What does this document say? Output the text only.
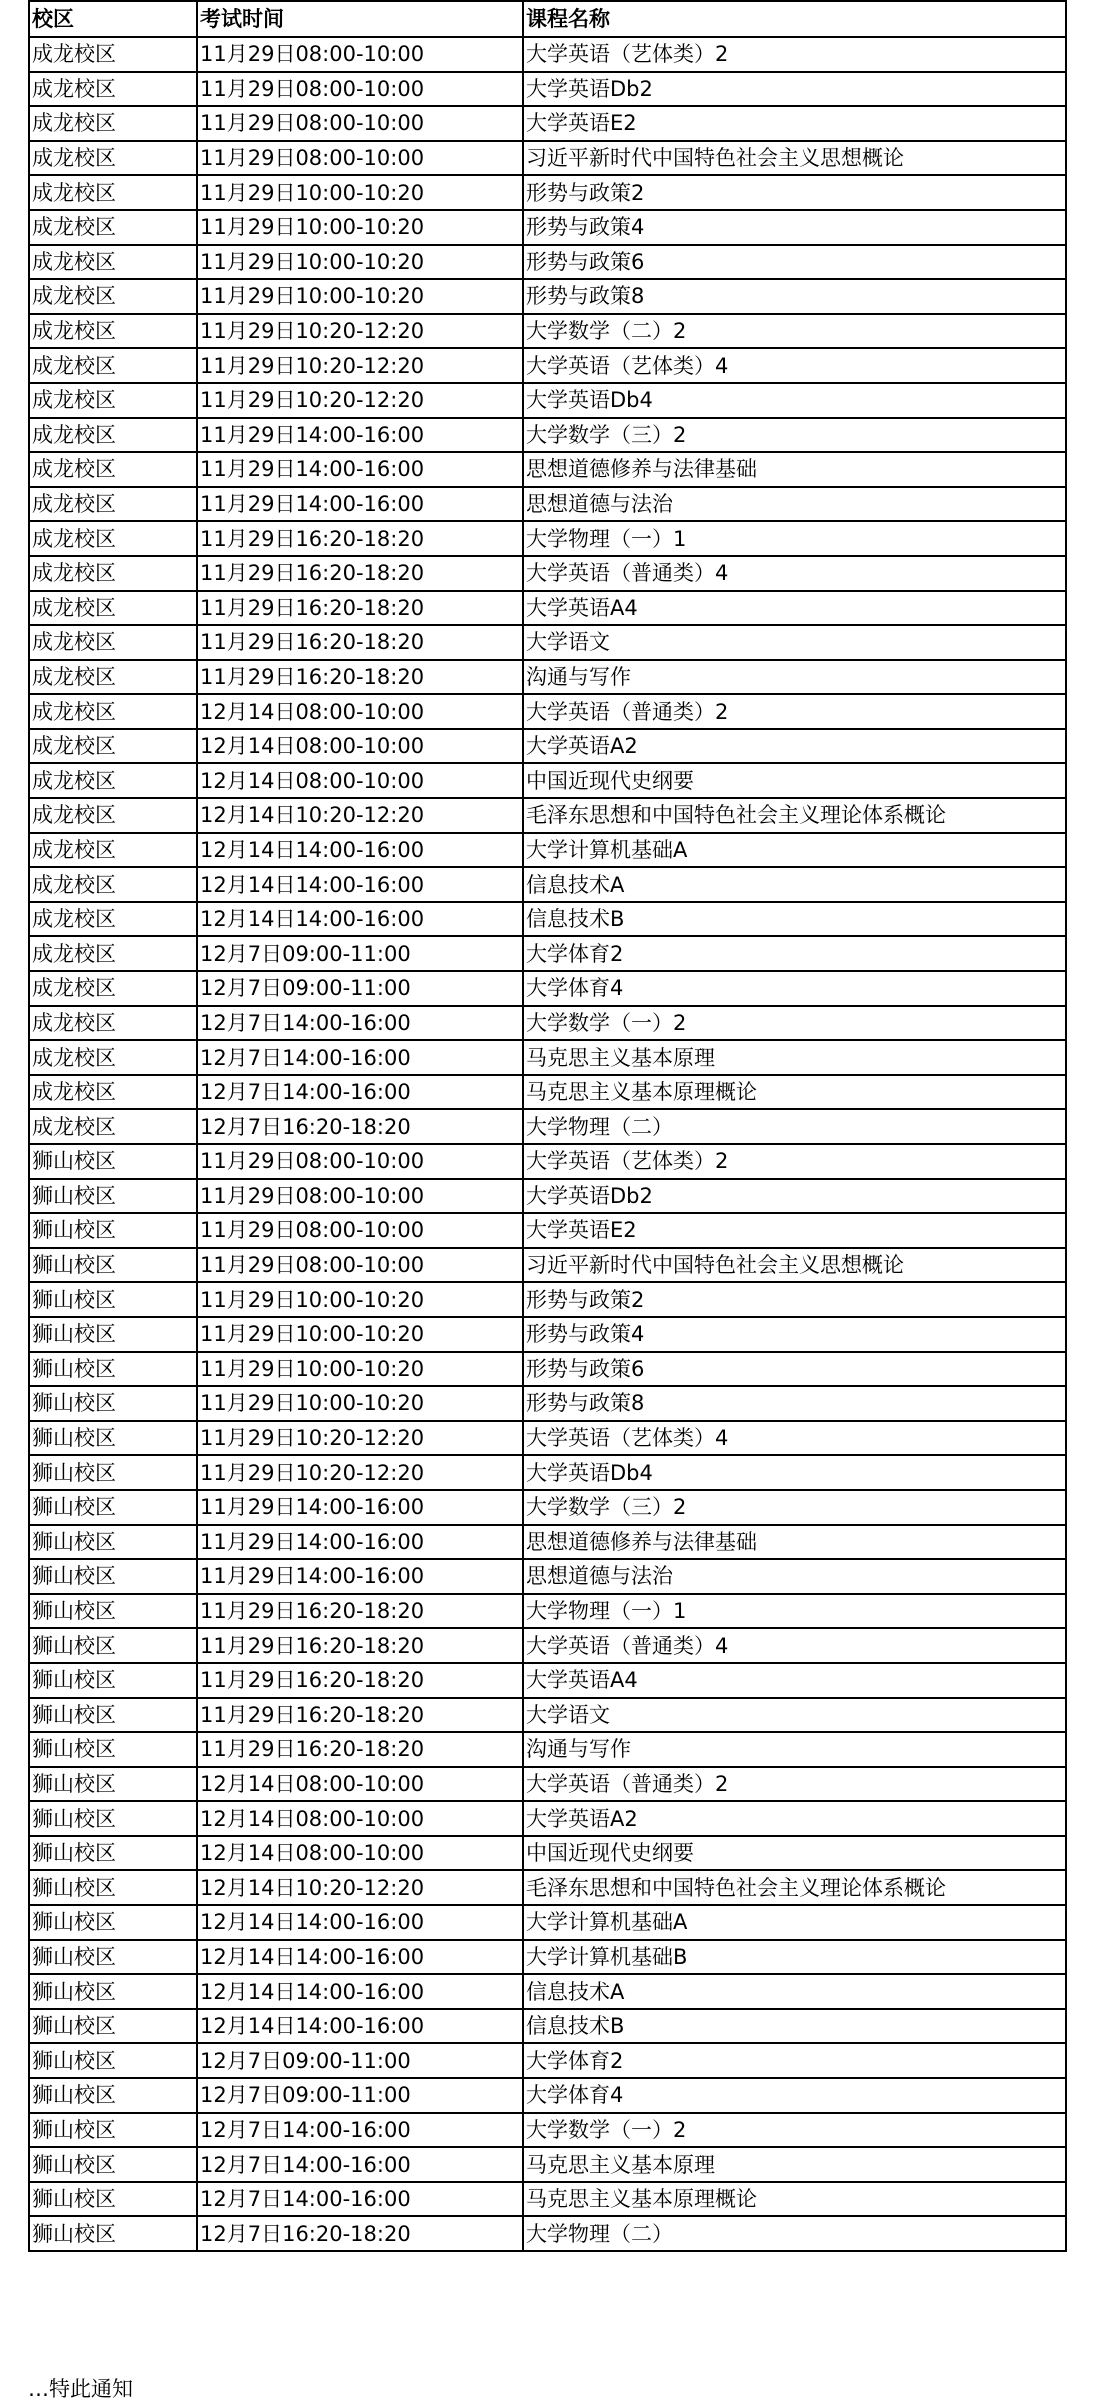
校区	考试时间	课程名称
成龙校区	11月29日08:00-10:00	大学英语（艺体类）2
成龙校区	11月29日08:00-10:00	大学英语Db2
成龙校区	11月29日08:00-10:00	大学英语E2
成龙校区	11月29日08:00-10:00	习近平新时代中国特色社会主义思想概论
成龙校区	11月29日10:00-10:20	形势与政策2
成龙校区	11月29日10:00-10:20	形势与政策4
成龙校区	11月29日10:00-10:20	形势与政策6
成龙校区	11月29日10:00-10:20	形势与政策8
成龙校区	11月29日10:20-12:20	大学数学（二）2
成龙校区	11月29日10:20-12:20	大学英语（艺体类）4
成龙校区	11月29日10:20-12:20	大学英语Db4
成龙校区	11月29日14:00-16:00	大学数学（三）2
成龙校区	11月29日14:00-16:00	思想道德修养与法律基础
成龙校区	11月29日14:00-16:00	思想道德与法治
成龙校区	11月29日16:20-18:20	大学物理（一）1
成龙校区	11月29日16:20-18:20	大学英语（普通类）4
成龙校区	11月29日16:20-18:20	大学英语A4
成龙校区	11月29日16:20-18:20	大学语文
成龙校区	11月29日16:20-18:20	沟通与写作
成龙校区	12月14日08:00-10:00	大学英语（普通类）2
成龙校区	12月14日08:00-10:00	大学英语A2
成龙校区	12月14日08:00-10:00	中国近现代史纲要
成龙校区	12月14日10:20-12:20	毛泽东思想和中国特色社会主义理论体系概论
成龙校区	12月14日14:00-16:00	大学计算机基础A
成龙校区	12月14日14:00-16:00	信息技术A
成龙校区	12月14日14:00-16:00	信息技术B
成龙校区	12月7日09:00-11:00	大学体育2
成龙校区	12月7日09:00-11:00	大学体育4
成龙校区	12月7日14:00-16:00	大学数学（一）2
成龙校区	12月7日14:00-16:00	马克思主义基本原理
成龙校区	12月7日14:00-16:00	马克思主义基本原理概论
成龙校区	12月7日16:20-18:20	大学物理（二）
狮山校区	11月29日08:00-10:00	大学英语（艺体类）2
狮山校区	11月29日08:00-10:00	大学英语Db2
狮山校区	11月29日08:00-10:00	大学英语E2
狮山校区	11月29日08:00-10:00	习近平新时代中国特色社会主义思想概论
狮山校区	11月29日10:00-10:20	形势与政策2
狮山校区	11月29日10:00-10:20	形势与政策4
狮山校区	11月29日10:00-10:20	形势与政策6
狮山校区	11月29日10:00-10:20	形势与政策8
狮山校区	11月29日10:20-12:20	大学英语（艺体类）4
狮山校区	11月29日10:20-12:20	大学英语Db4
狮山校区	11月29日14:00-16:00	大学数学（三）2
狮山校区	11月29日14:00-16:00	思想道德修养与法律基础
狮山校区	11月29日14:00-16:00	思想道德与法治
狮山校区	11月29日16:20-18:20	大学物理（一）1
狮山校区	11月29日16:20-18:20	大学英语（普通类）4
狮山校区	11月29日16:20-18:20	大学英语A4
狮山校区	11月29日16:20-18:20	大学语文
狮山校区	11月29日16:20-18:20	沟通与写作
狮山校区	12月14日08:00-10:00	大学英语（普通类）2
狮山校区	12月14日08:00-10:00	大学英语A2
狮山校区	12月14日08:00-10:00	中国近现代史纲要
狮山校区	12月14日10:20-12:20	毛泽东思想和中国特色社会主义理论体系概论
狮山校区	12月14日14:00-16:00	大学计算机基础A
狮山校区	12月14日14:00-16:00	大学计算机基础B
狮山校区	12月14日14:00-16:00	信息技术A
狮山校区	12月14日14:00-16:00	信息技术B
狮山校区	12月7日09:00-11:00	大学体育2
狮山校区	12月7日09:00-11:00	大学体育4
狮山校区	12月7日14:00-16:00	大学数学（一）2
狮山校区	12月7日14:00-16:00	马克思主义基本原理
狮山校区	12月7日14:00-16:00	马克思主义基本原理概论
狮山校区	12月7日16:20-18:20	大学物理（二）
…特此通知
